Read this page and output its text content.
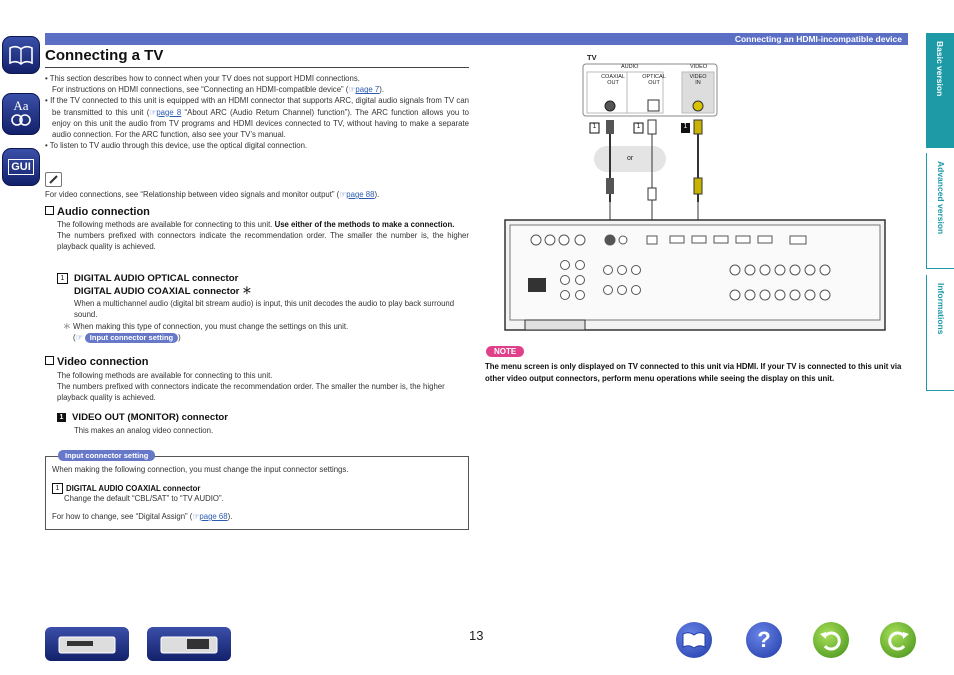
Aa
GUI
Connecting an HDMI-incompatible device
Connecting a TV
• This section describes how to connect when your TV does not support HDMI connections.
For instructions on HDMI connections, see “Connecting an HDMI-compatible device” (☞page 7).
• If the TV connected to this unit is equipped with an HDMI connector that supports ARC, digital audio signals from TV can be transmitted to this unit (☞page 8 “About ARC (Audio Return Channel) function”). The ARC function allows you to enjoy on this unit the audio from TV programs and HDMI devices connected to TV, without having to make a separate audio connection. For the ARC function, also see your TV’s manual.
• To listen to TV audio through this device, use the optical digital connection.
For video connections, see “Relationship between video signals and monitor output” (☞page 88).
Audio connection
The following methods are available for connecting to this unit. Use either of the methods to make a connection.
The numbers prefixed with connectors indicate the recommendation order. The smaller the number is, the higher playback quality is achieved.
1 DIGITAL AUDIO OPTICAL connector
DIGITAL AUDIO COAXIAL connector ＊
When a multichannel audio (digital bit stream audio) is input, this unit decodes the audio to play back surround sound.
＊ When making this type of connection, you must change the settings on this unit.
(☞ Input connector setting )
Video connection
The following methods are available for connecting to this unit.
The numbers prefixed with connectors indicate the recommendation order. The smaller the number is, the higher playback quality is achieved.
1 VIDEO OUT (MONITOR) connector
This makes an analog video connection.
Input connector setting
When making the following connection, you must change the input connector settings.
1 DIGITAL AUDIO COAXIAL connector
Change the default “CBL/SAT” to “TV AUDIO”.
For how to change, see “Digital Assign” (☞page 68).
TV
AUDIO	VIDEO
COAXIAL
OUT
OPTICAL
OUT
VIDEO
IN
or
1	1	1
NOTE
The menu screen is only displayed on TV connected to this unit via HDMI. If your TV is connected to this unit via other video output connectors, perform menu operations while seeing the display on this unit.
Basic version
Advanced version
Informations
13	?
